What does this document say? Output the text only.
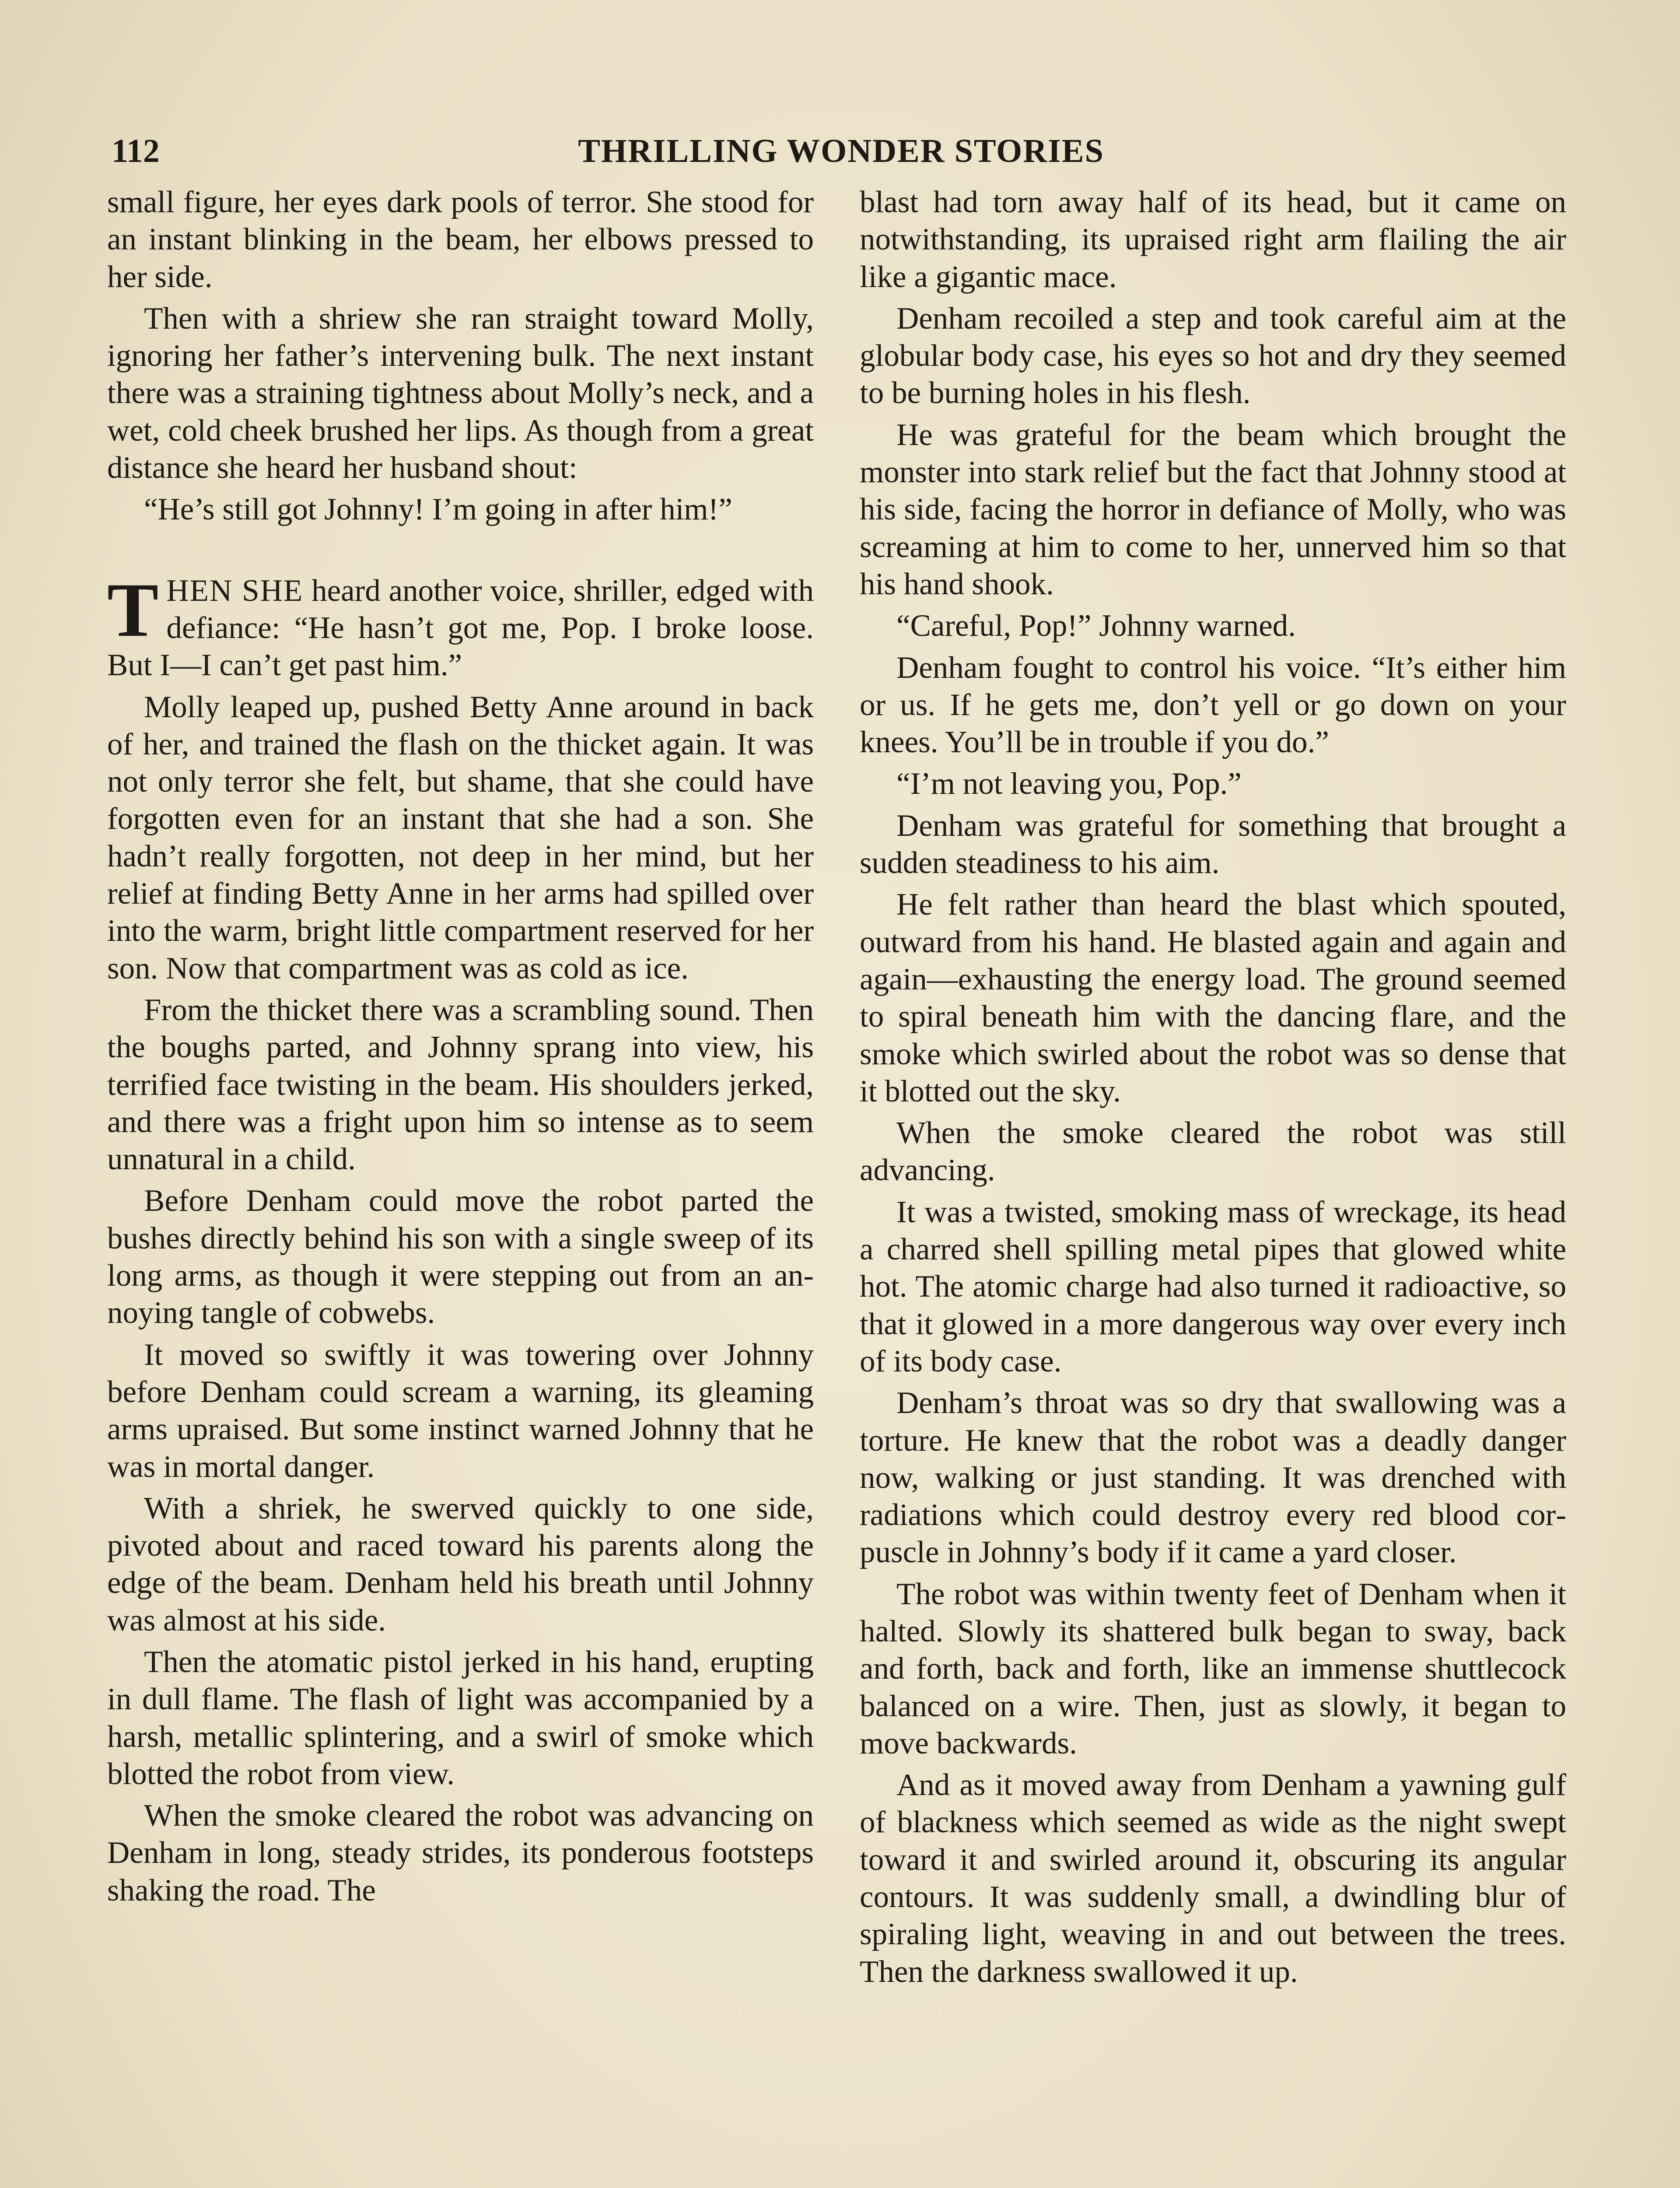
112	THRILLING WONDER STORIES

small figure, her eyes dark pools of terror. She stood for an instant blinking in the beam, her elbows pressed to her side.

Then with a shriew she ran straight toward Molly, ignoring her father’s intervening bulk. The next instant there was a straining tightness about Molly’s neck, and a wet, cold cheek brushed her lips. As though from a great distance she heard her husband shout:

“He’s still got Johnny! I’m going in after him!”

THEN SHE heard another voice, shriller, edged with defiance: “He hasn’t got me, Pop. I broke loose. But I—I can’t get past him.”

Molly leaped up, pushed Betty Anne around in back of her, and trained the flash on the thicket again. It was not only terror she felt, but shame, that she could have forgotten even for an instant that she had a son. She hadn’t really forgotten, not deep in her mind, but her relief at finding Betty Anne in her arms had spilled over into the warm, bright little compartment reserved for her son. Now that compartment was as cold as ice.

From the thicket there was a scrambling sound. Then the boughs parted, and Johnny sprang into view, his terrified face twisting in the beam. His shoulders jerked, and there was a fright upon him so intense as to seem unnatural in a child.

Before Denham could move the robot parted the bushes directly behind his son with a single sweep of its long arms, as though it were stepping out from an annoying tangle of cobwebs.

It moved so swiftly it was towering over Johnny before Denham could scream a warning, its gleaming arms upraised. But some instinct warned Johnny that he was in mortal danger.

With a shriek, he swerved quickly to one side, pivoted about and raced toward his parents along the edge of the beam. Denham held his breath until Johnny was almost at his side.

Then the atomatic pistol jerked in his hand, erupting in dull flame. The flash of light was accompanied by a harsh, metallic splintering, and a swirl of smoke which blotted the robot from view.

When the smoke cleared the robot was advancing on Denham in long, steady strides, its ponderous footsteps shaking the road. The

blast had torn away half of its head, but it came on notwithstanding, its upraised right arm flailing the air like a gigantic mace.

Denham recoiled a step and took careful aim at the globular body case, his eyes so hot and dry they seemed to be burning holes in his flesh.

He was grateful for the beam which brought the monster into stark relief but the fact that Johnny stood at his side, facing the horror in defiance of Molly, who was screaming at him to come to her, unnerved him so that his hand shook.

“Careful, Pop!” Johnny warned.

Denham fought to control his voice. “It’s either him or us. If he gets me, don’t yell or go down on your knees. You’ll be in trouble if you do.”

“I’m not leaving you, Pop.”

Denham was grateful for something that brought a sudden steadiness to his aim.

He felt rather than heard the blast which spouted, outward from his hand. He blasted again and again and again—exhausting the energy load. The ground seemed to spiral beneath him with the dancing flare, and the smoke which swirled about the robot was so dense that it blotted out the sky.

When the smoke cleared the robot was still advancing.

It was a twisted, smoking mass of wreckage, its head a charred shell spilling metal pipes that glowed white hot. The atomic charge had also turned it radioactive, so that it glowed in a more dangerous way over every inch of its body case.

Denham’s throat was so dry that swallowing was a torture. He knew that the robot was a deadly danger now, walking or just standing. It was drenched with radiations which could destroy every red blood corpuscle in Johnny’s body if it came a yard closer.

The robot was within twenty feet of Denham when it halted. Slowly its shattered bulk began to sway, back and forth, back and forth, like an immense shuttlecock balanced on a wire. Then, just as slowly, it began to move backwards.

And as it moved away from Denham a yawning gulf of blackness which seemed as wide as the night swept toward it and swirled around it, obscuring its angular contours. It was suddenly small, a dwindling blur of spiraling light, weaving in and out between the trees. Then the darkness swallowed it up.
